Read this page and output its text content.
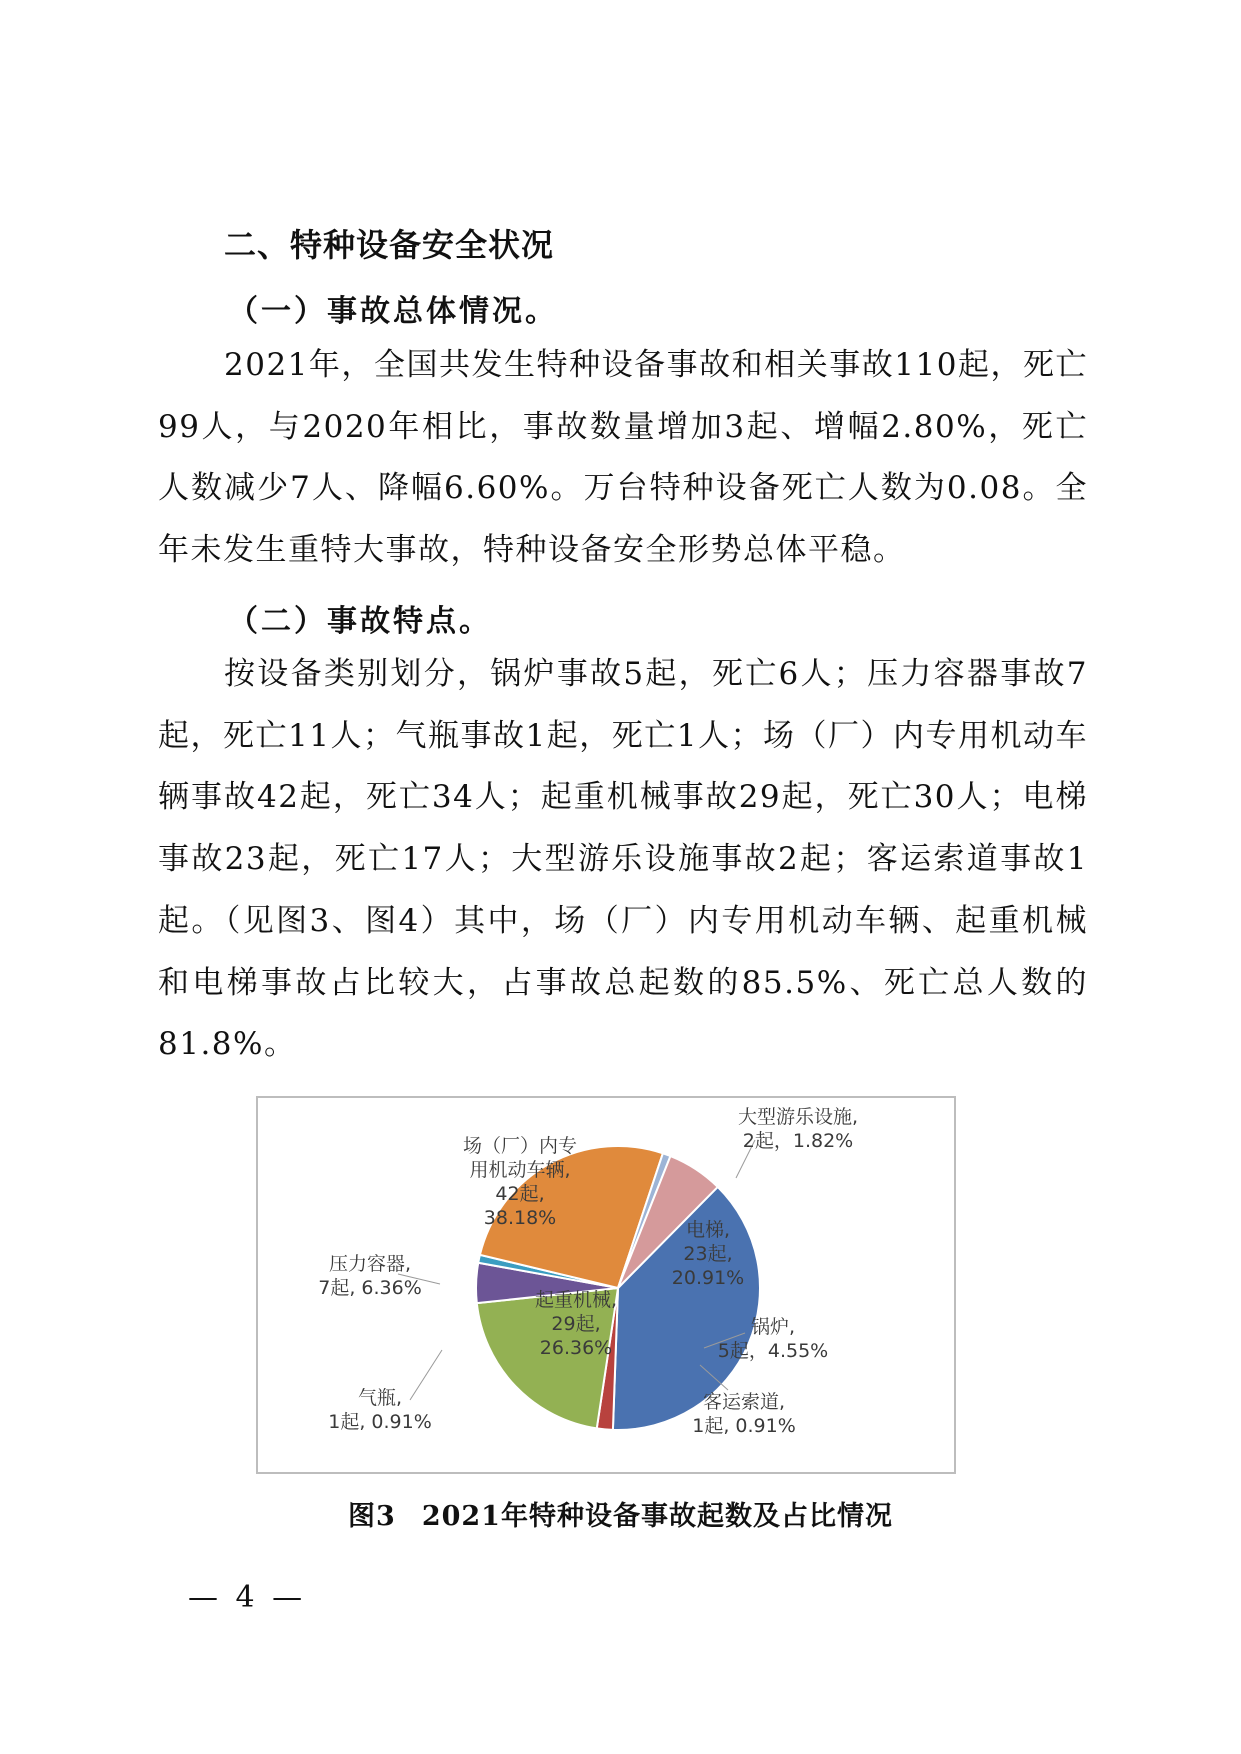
二、特种设备安全状况
（一）事故总体情况。

2021年，全国共发生特种设备事故和相关事故110起，死亡99人，与2020年相比，事故数量增加3起、增幅2.80%，死亡人数减少7人、降幅6.60%。万台特种设备死亡人数为0.08。全年未发生重特大事故，特种设备安全形势总体平稳。

（二）事故特点。

按设备类别划分，锅炉事故5起，死亡6人；压力容器事故7起，死亡11人；气瓶事故1起，死亡1人；场（厂）内专用机动车辆事故42起，死亡34人；起重机械事故29起，死亡30人；电梯事故23起，死亡17人；大型游乐设施事故2起；客运索道事故1起。（见图3、图4）其中，场（厂）内专用机动车辆、起重机械和电梯事故占比较大，占事故总起数的85.5%、死亡总人数的81.8%。

场（厂）内专用机动车辆, 42起, 38.18%
大型游乐设施, 2起，1.82%
电梯, 23起, 20.91%
锅炉, 5起，4.55%
客运索道, 1起, 0.91%
起重机械, 29起, 26.36%
气瓶, 1起, 0.91%
压力容器, 7起, 6.36%
图3 2021年特种设备事故起数及占比情况
— 4 —
